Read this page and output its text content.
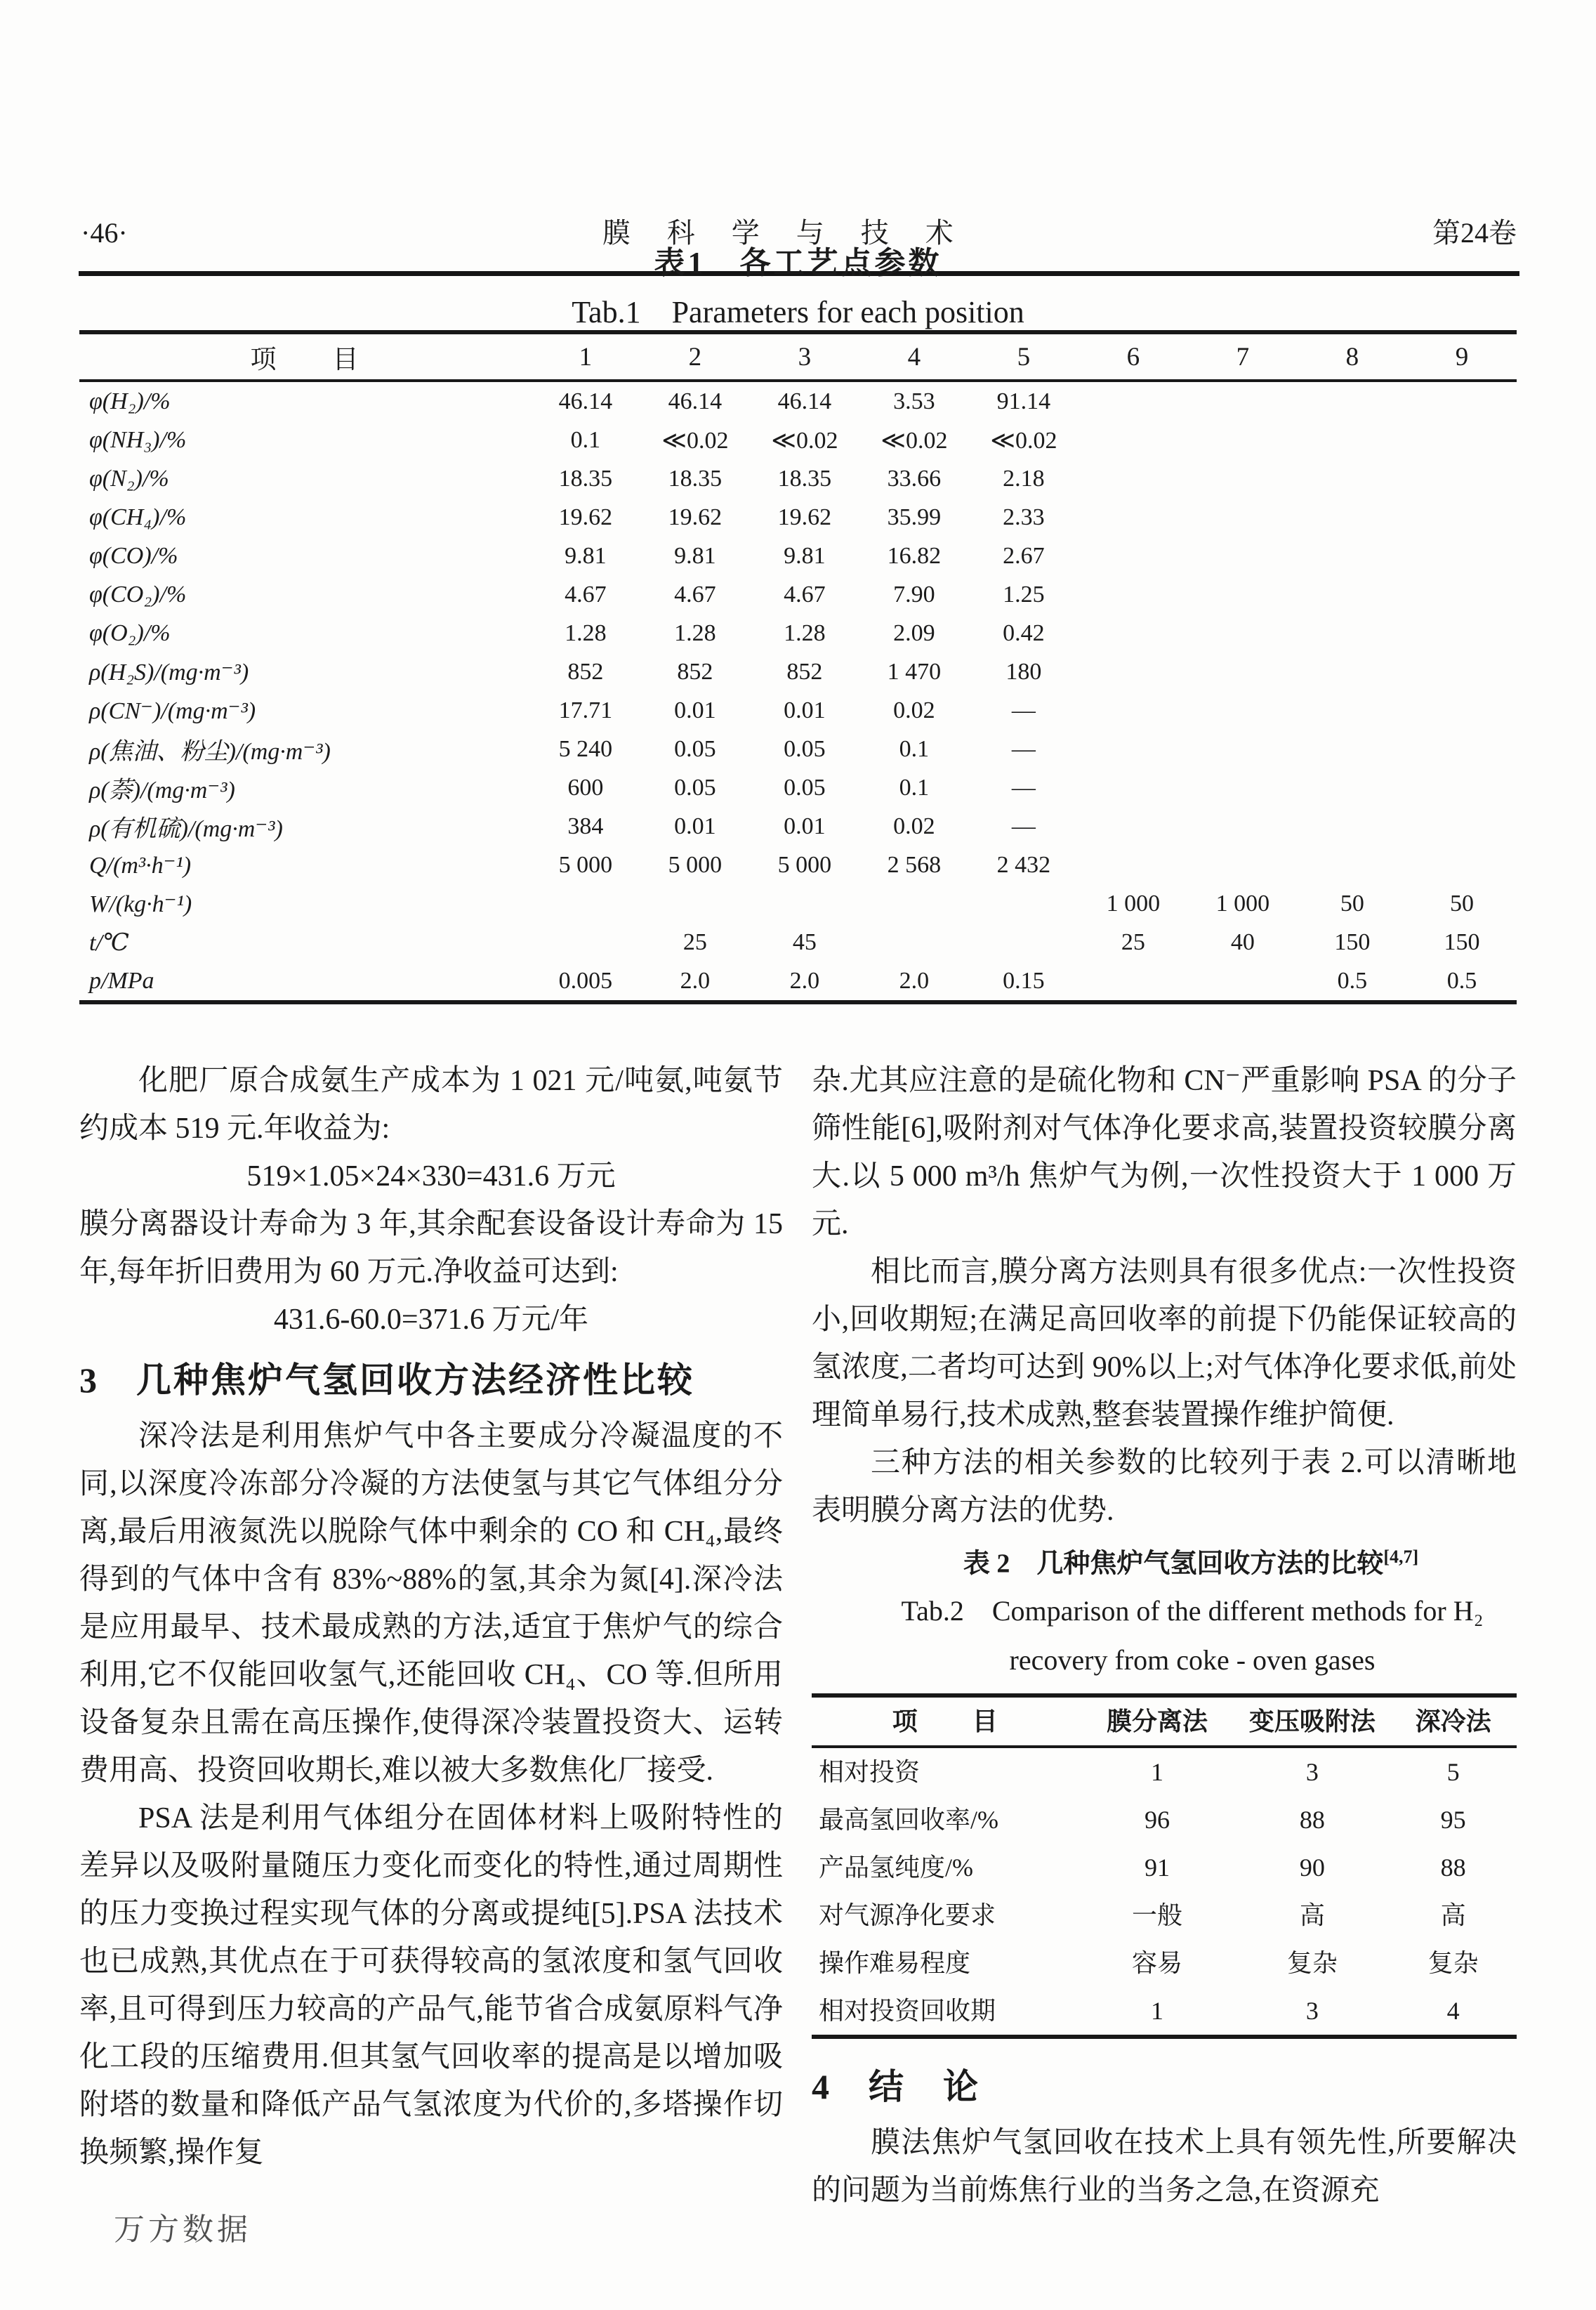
·46·	膜　科　学　与　技　术	第24卷
表1　各工艺点参数
Tab.1　Parameters for each position
项　　目	1	2	3	4	5	6	7	8	9
φ(H₂)/%	46.14	46.14	46.14	3.53	91.14				
φ(NH₃)/%	0.1	≪0.02	≪0.02	≪0.02	≪0.02				
φ(N₂)/%	18.35	18.35	18.35	33.66	2.18				
φ(CH₄)/%	19.62	19.62	19.62	35.99	2.33				
φ(CO)/%	9.81	9.81	9.81	16.82	2.67				
φ(CO₂)/%	4.67	4.67	4.67	7.90	1.25				
φ(O₂)/%	1.28	1.28	1.28	2.09	0.42				
ρ(H₂S)/(mg·m⁻³)	852	852	852	1 470	180				
ρ(CN⁻)/(mg·m⁻³)	17.71	0.01	0.01	0.02	—				
ρ(焦油、粉尘)/(mg·m⁻³)	5 240	0.05	0.05	0.1	—				
ρ(萘)/(mg·m⁻³)	600	0.05	0.05	0.1	—				
ρ(有机硫)/(mg·m⁻³)	384	0.01	0.01	0.02	—				
Q/(m³·h⁻¹)	5 000	5 000	5 000	2 568	2 432				
W/(kg·h⁻¹)						1 000	1 000	50	50
t/℃		25	45			25	40	150	150
p/MPa	0.005	2.0	2.0	2.0	0.15			0.5	0.5

化肥厂原合成氨生产成本为 1 021 元/吨氨,吨氨节约成本 519 元.年收益为:

519×1.05×24×330=431.6 万元

膜分离器设计寿命为 3 年,其余配套设备设计寿命为 15 年,每年折旧费用为 60 万元.净收益可达到:

431.6-60.0=371.6 万元/年

3　几种焦炉气氢回收方法经济性比较

深冷法是利用焦炉气中各主要成分冷凝温度的不同,以深度冷冻部分冷凝的方法使氢与其它气体组分分离,最后用液氮洗以脱除气体中剩余的 CO 和 CH₄,最终得到的气体中含有 83%~88%的氢,其余为氮[4].深冷法是应用最早、技术最成熟的方法,适宜于焦炉气的综合利用,它不仅能回收氢气,还能回收 CH₄、CO 等.但所用设备复杂且需在高压操作,使得深冷装置投资大、运转费用高、投资回收期长,难以被大多数焦化厂接受.

PSA 法是利用气体组分在固体材料上吸附特性的差异以及吸附量随压力变化而变化的特性,通过周期性的压力变换过程实现气体的分离或提纯[5].PSA 法技术也已成熟,其优点在于可获得较高的氢浓度和氢气回收率,且可得到压力较高的产品气,能节省合成氨原料气净化工段的压缩费用.但其氢气回收率的提高是以增加吸附塔的数量和降低产品气氢浓度为代价的,多塔操作切换频繁,操作复

杂.尤其应注意的是硫化物和 CN⁻严重影响 PSA 的分子筛性能[6],吸附剂对气体净化要求高,装置投资较膜分离大.以 5 000 m³/h 焦炉气为例,一次性投资大于 1 000 万元.

相比而言,膜分离方法则具有很多优点:一次性投资小,回收期短;在满足高回收率的前提下仍能保证较高的氢浓度,二者均可达到 90%以上;对气体净化要求低,前处理简单易行,技术成熟,整套装置操作维护简便.

三种方法的相关参数的比较列于表 2.可以清晰地表明膜分离方法的优势.

表 2　几种焦炉气氢回收方法的比较[4,7]

Tab.2　Comparison of the different methods for H₂

recovery from coke - oven gases

项　　目	膜分离法	变压吸附法	深冷法
相对投资	1	3	5
最高氢回收率/%	96	88	95
产品氢纯度/%	91	90	88
对气源净化要求	一般	高	高
操作难易程度	容易	复杂	复杂
相对投资回收期	1	3	4
4　结　论

膜法焦炉气氢回收在技术上具有领先性,所要解决的问题为当前炼焦行业的当务之急,在资源充

万方数据
